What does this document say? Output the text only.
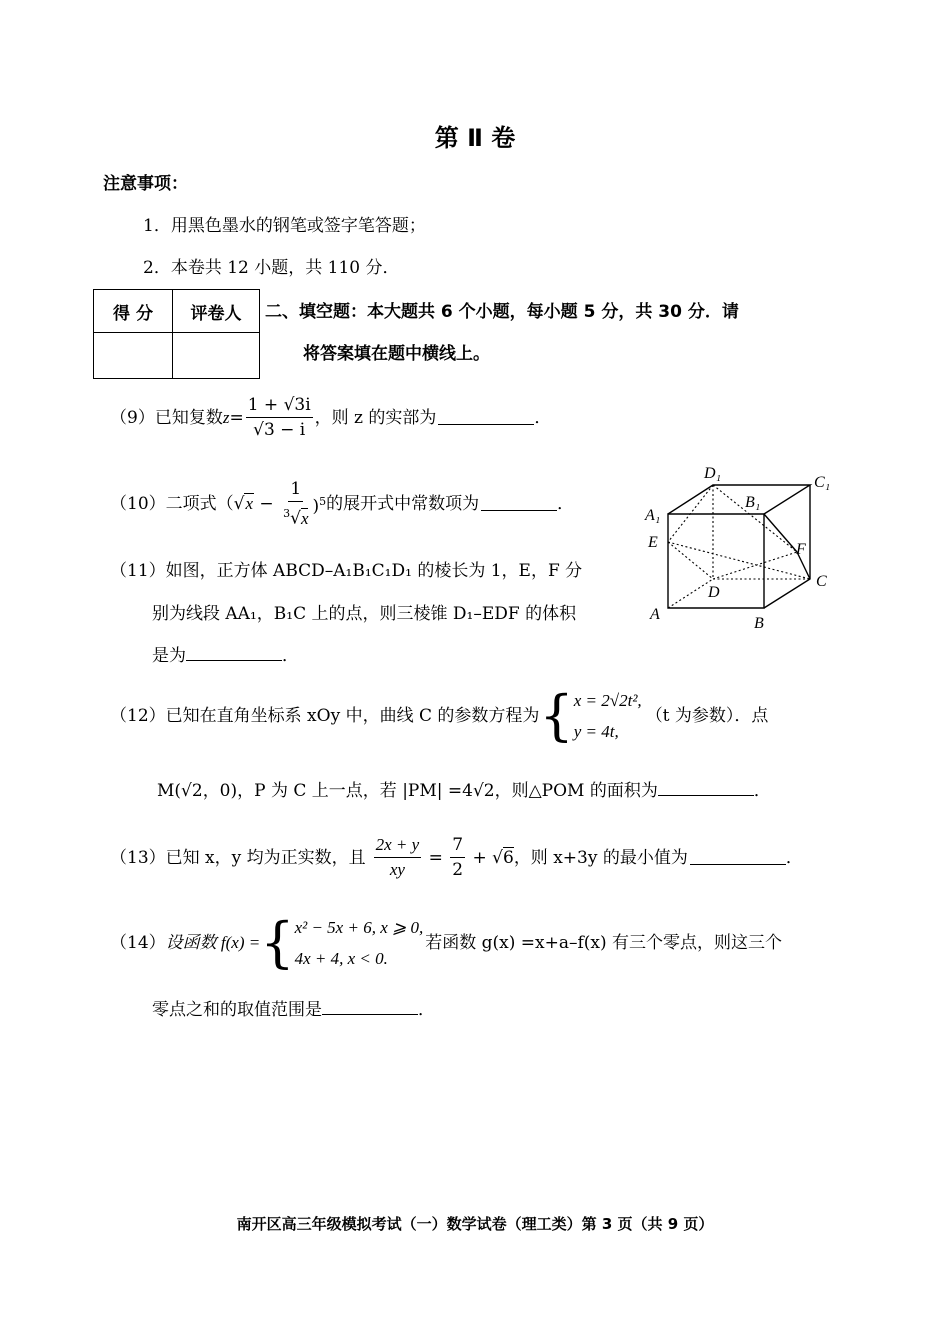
第 Ⅱ 卷
注意事项：
1．用黑色墨水的钢笔或签字笔答题；
2．本卷共 12 小题，共 110 分．
得 分	评卷人
	二、填空题：本大题共 6 个小题，每小题 5 分，共 30 分．请
将答案填在题中横线上。
（9） 已知复数 $z = \frac{1 + √3i}{√3 - i}$ ，则 z 的实部为	．
（10） 二项式（ $√x - \frac{1}{^3√x} )^5$ 的展开式中常数项为	．
（11）如图，正方体 ABCD–A₁B₁C₁D₁ 的棱长为 1，E，F 分
别为线段 AA₁，B₁C 上的点，则三棱锥 D₁–EDF 的体积
是为	．
D₁
C₁
B₁
A₁
E	F
C
D
A
B
（12） 已知在直角坐标系 xOy 中，曲线 C 的参数方程为 { x = 2√2t²,
y = 4t,
（t 为参数）．点
M(√2，0)，P 为 C 上一点，若 |PM| =4√2，则△POM 的面积为	．
（13） 已知 x，y 均为正实数，且 $\frac{2x + y}{xy} = \frac{7}{2} + √6$ ，则 x+3y 的最小值为	．
（14） 设函数 f(x) = { x² − 5x + 6, x ⩾ 0,
4x + 4, x < 0.
若函数 g(x) =x+a–f(x) 有三个零点，则这三个
零点之和的取值范围是	．
南开区高三年级模拟考试（一）数学试卷（理工类）第 3 页（共 9 页）
